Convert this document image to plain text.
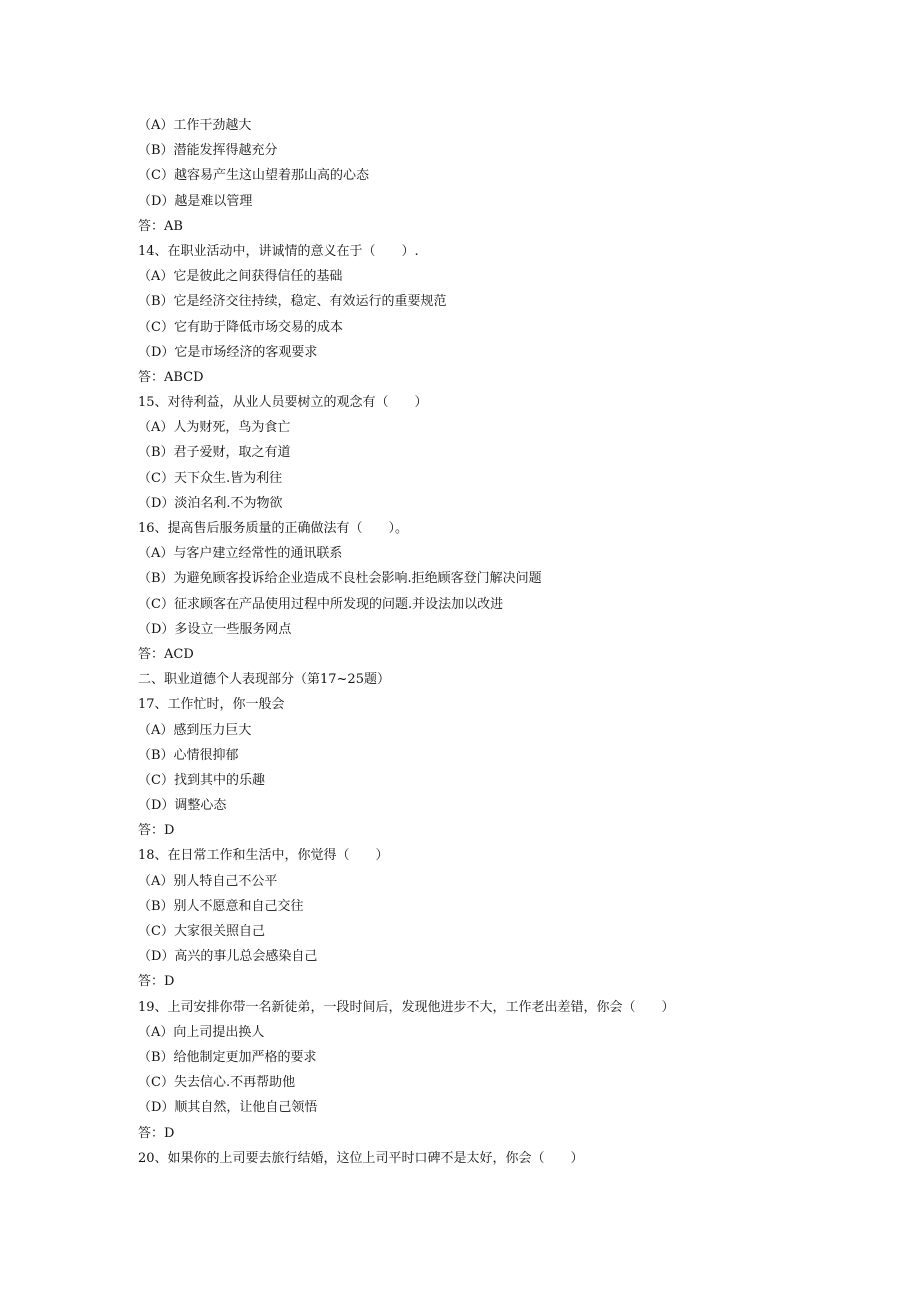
（A）工作干劲越大
（B）潜能发挥得越充分
（C）越容易产生这山望着那山高的心态
（D）越是难以管理
答：AB
14、在职业活动中，讲诚情的意义在于（　　）.
（A）它是彼此之间获得信任的基础
（B）它是经济交往持续，稳定、有效运行的重要规范
（C）它有助于降低市场交易的成本
（D）它是市场经济的客观要求
答：ABCD
15、对待利益，从业人员要树立的观念有（　　）
（A）人为财死，鸟为食亡
（B）君子爱财，取之有道
（C）天下众生.皆为利往
（D）淡泊名利.不为物欲
16、提高售后服务质量的正确做法有（　　）。
（A）与客户建立经常性的通讯联系
（B）为避免顾客投诉给企业造成不良杜会影响.拒绝顾客登门解决问题
（C）征求顾客在产品使用过程中所发现的问题.并设法加以改进
（D）多设立一些服务网点
答：ACD
二、职业道德个人表现部分（第17~25题）
17、工作忙时，你一般会
（A）感到压力巨大
（B）心情很抑郁
（C）找到其中的乐趣
（D）调整心态
答：D
18、在日常工作和生活中，你觉得（　　）
（A）别人特自己不公平
（B）别人不愿意和自己交往
（C）大家很关照自己
（D）高兴的事儿总会感染自己
答：D
19、上司安排你带一名新徒弟，一段时间后，发现他进步不大，工作老出差错，你会（　　）
（A）向上司提出换人
（B）给他制定更加严格的要求
（C）失去信心.不再帮助他
（D）顺其自然，让他自己领悟
答：D
20、如果你的上司要去旅行结婚，这位上司平时口碑不是太好，你会（　　）
